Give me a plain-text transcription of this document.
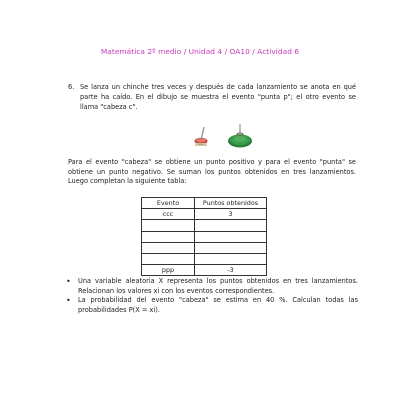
Matemática 2º medio / Unidad 4 / OA10 / Actividad 6
6. Se lanza un chinche tres veces y después de cada lanzamiento se anota en qué parte ha caído. En el dibujo se muestra el evento "punta p"; el otro evento se llama "cabeza c".
Para el evento "cabeza" se obtiene un punto positivo y para el evento "punta" se obtiene un punto negativo. Se suman los puntos obtenidos en tres lanzamientos. Luego completan la siguiente tabla:
Evento	Puntos obtenidos
ccc	3

ppp	-3
• Una variable aleatoria X representa los puntos obtenidos en tres lanzamientos. Relacionan los valores xi con los eventos correspondientes.
• La probabilidad del evento "cabeza" se estima en 40 %. Calculan todas las probabilidades P(X = xi).
